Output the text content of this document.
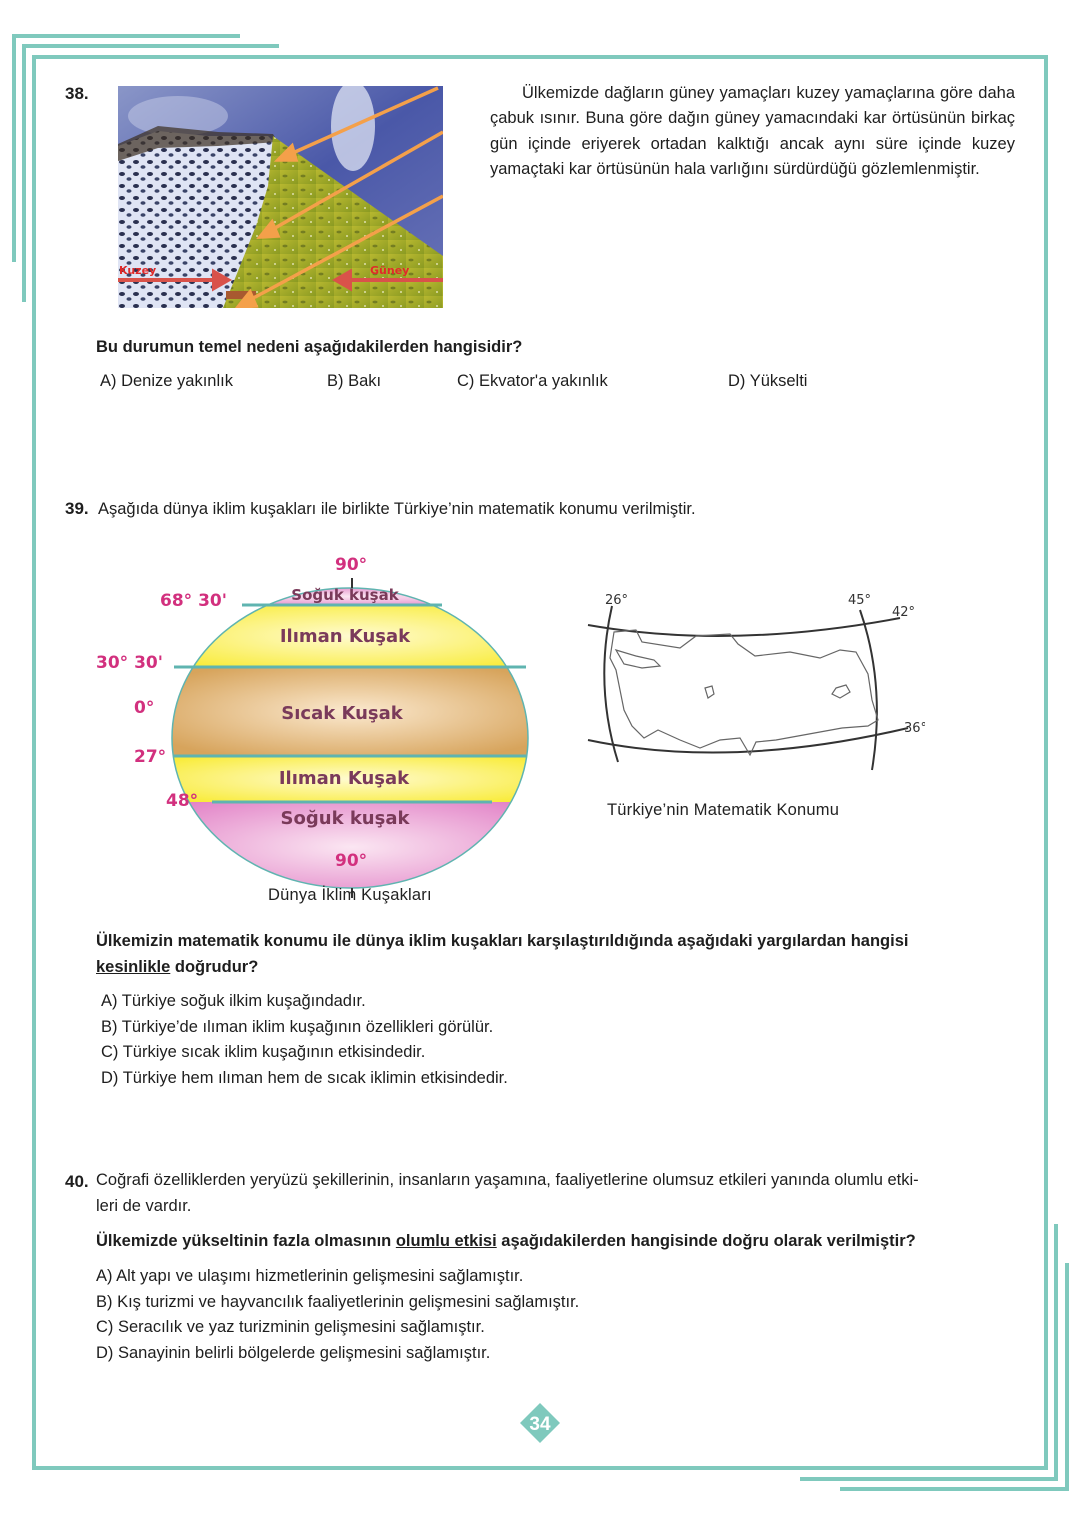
38.
Kuzey	Güney

Ülkemizde dağların güney yamaçları kuzey yamaçlarına göre daha çabuk ısınır. Buna göre dağın güney yamacındaki kar örtüsünün birkaç gün içinde eriyerek ortadan kalktığı ancak aynı süre içinde kuzey yamaçtaki kar örtüsünün hala varlığını sürdürdüğü gözlemlenmiştir.

Bu durumun temel nedeni aşağıdakilerden hangisidir?
A) Denize yakınlık	B) Bakı	C) Ekvator'a yakınlık	D) Yükselti
39. Aşağıda dünya iklim kuşakları ile birlikte Türkiye’nin matematik konumu verilmiştir.
90°
90°
68° 30'
30° 30'
0°
27°
48°
Soğuk kuşak
Ilıman Kuşak
Sıcak Kuşak
Ilıman Kuşak
Soğuk kuşak
Dünya İklim Kuşakları
26°	45°
42°
36°
Türkiye’nin Matematik Konumu
Ülkemizin matematik konumu ile dünya iklim kuşakları karşılaştırıldığında aşağıdaki yargılardan hangisi
kesinlikle doğrudur?
A) Türkiye soğuk ilkim kuşağındadır.
B) Türkiye’de ılıman iklim kuşağının özellikleri görülür.
C) Türkiye sıcak iklim kuşağının etkisindedir.
D) Türkiye hem ılıman hem de sıcak iklimin etkisindedir.
40. Coğrafi özelliklerden yeryüzü şekillerinin, insanların yaşamına, faaliyetlerine olumsuz etkileri yanında olumlu etki-
leri de vardır.
Ülkemizde yükseltinin fazla olmasının olumlu etkisi aşağıdakilerden hangisinde doğru olarak verilmiştir?
A) Alt yapı ve ulaşımı hizmetlerinin gelişmesini sağlamıştır.
B) Kış turizmi ve hayvancılık faaliyetlerinin gelişmesini sağlamıştır.
C) Seracılık ve yaz turizminin gelişmesini sağlamıştır.
D) Sanayinin belirli bölgelerde gelişmesini sağlamıştır.
34
